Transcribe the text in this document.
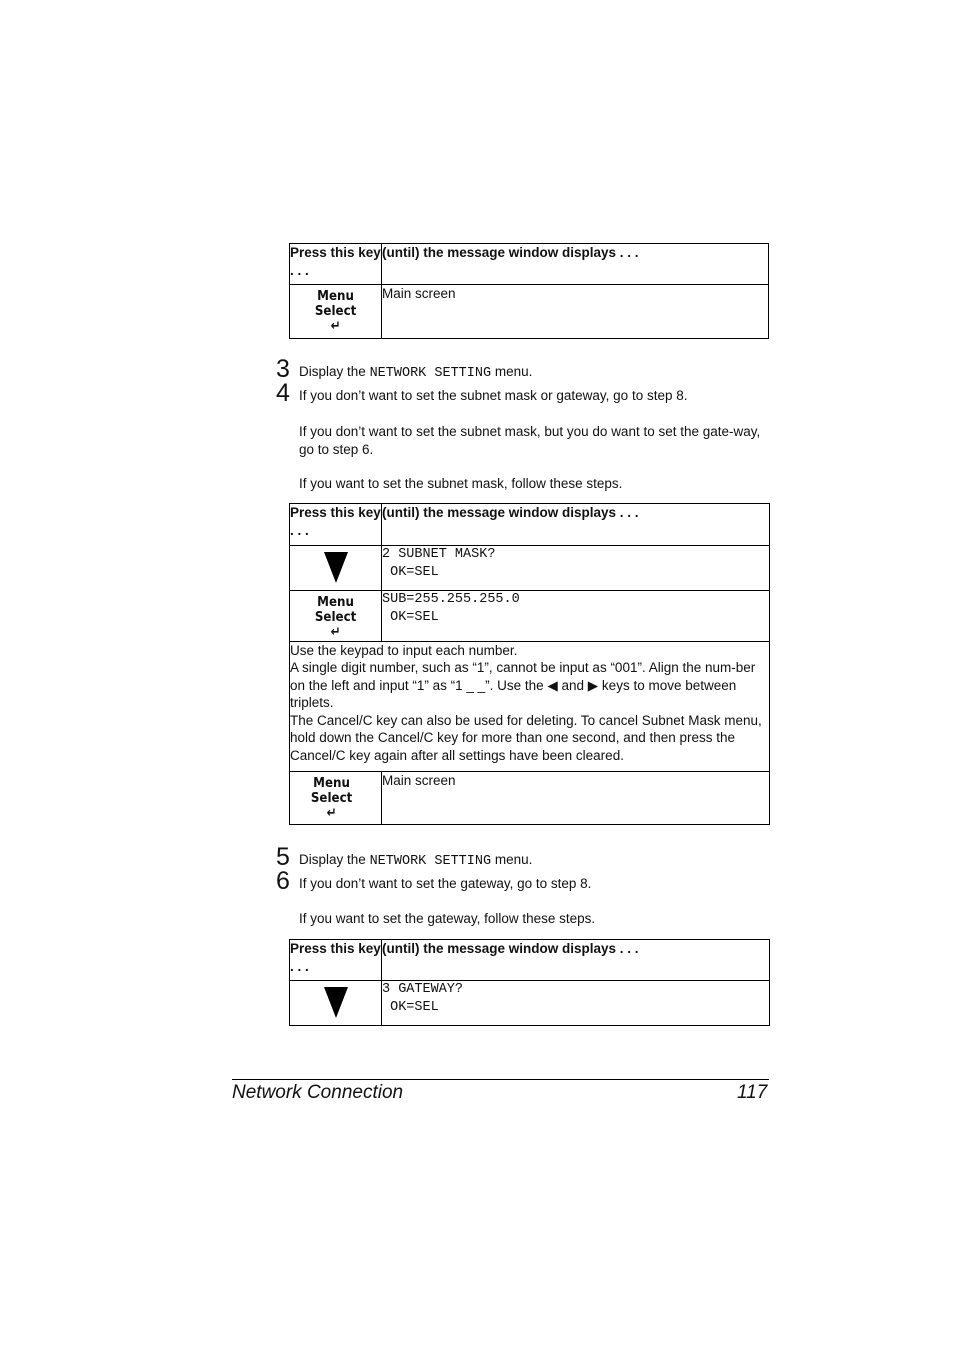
Press this key . . .	(until) the message window displays . . .

Menu
Select
↵	Main screen
3 Display the NETWORK SETTING menu.
4 If you don’t want to set the subnet mask or gateway, go to step 8.
If you don’t want to set the subnet mask, but you do want to set the gate-way, go to step 6.
If you want to set the subnet mask, follow these steps.
Press this key . . .	(until) the message window displays . . .
	2 SUBNET MASK?
OK=SEL

Menu
Select
↵	SUB=255.255.255.0
OK=SEL

Use the keypad to input each number.
A single digit number, such as “1”, cannot be input as “001”. Align the num-ber on the left and input “1” as “1 _ _”. Use the ◀ and ▶ keys to move between triplets.
The Cancel/C key can also be used for deleting. To cancel Subnet Mask menu, hold down the Cancel/C key for more than one second, and then press the Cancel/C key again after all settings have been cleared.	

Menu
Select
↵	Main screen
5 Display the NETWORK SETTING menu.
6 If you don’t want to set the gateway, go to step 8.
If you want to set the gateway, follow these steps.
Press this key . . .	(until) the message window displays . . .
	3 GATEWAY?
OK=SEL
Network Connection	117
